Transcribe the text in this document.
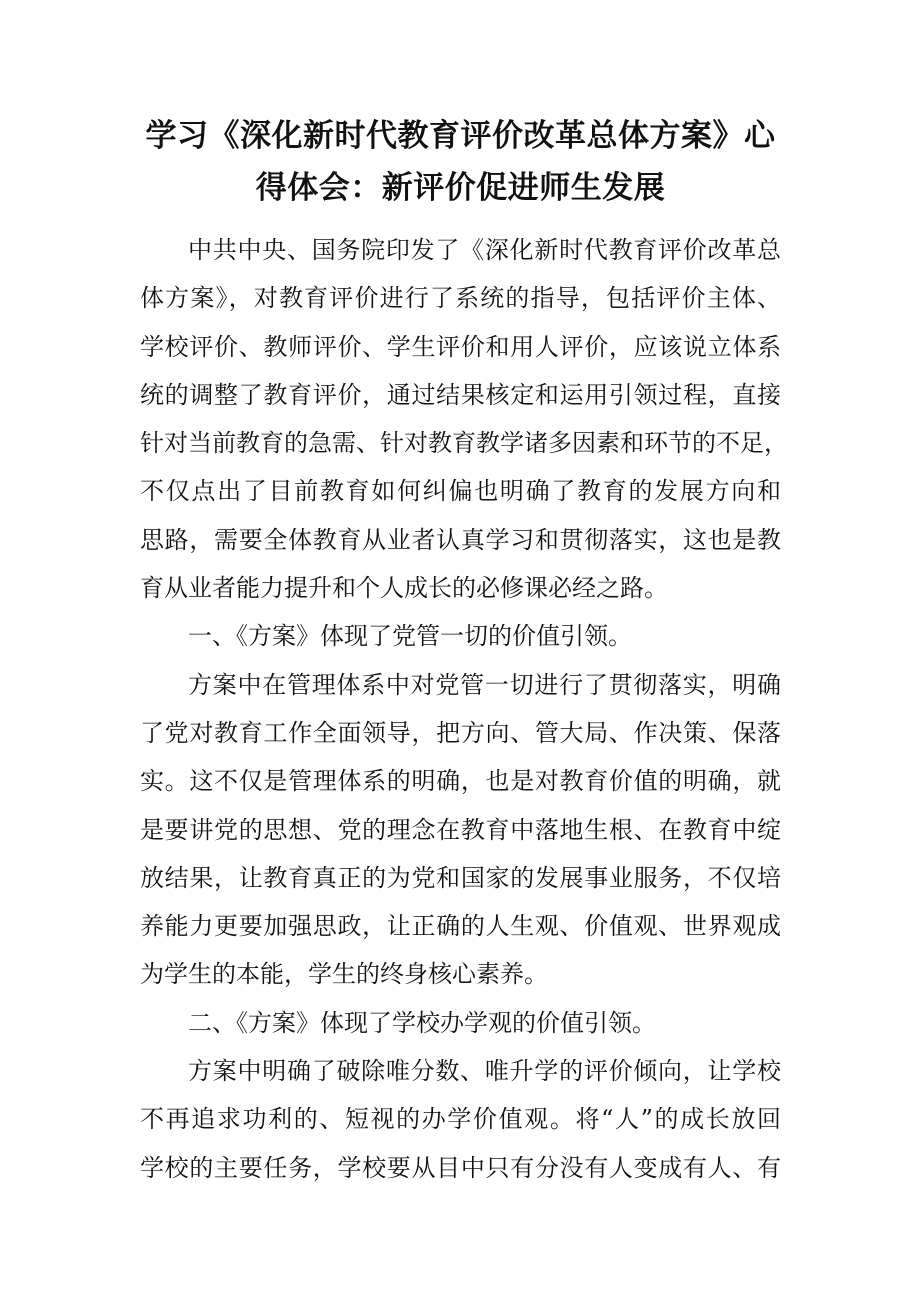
学习《深化新时代教育评价改革总体方案》心
得体会：新评价促进师生发展

中共中央、国务院印发了《深化新时代教育评价改革总
体方案》，对教育评价进行了系统的指导，包括评价主体、
学校评价、教师评价、学生评价和用人评价，应该说立体系
统的调整了教育评价，通过结果核定和运用引领过程，直接
针对当前教育的急需、针对教育教学诸多因素和环节的不足，
不仅点出了目前教育如何纠偏也明确了教育的发展方向和
思路，需要全体教育从业者认真学习和贯彻落实，这也是教
育从业者能力提升和个人成长的必修课必经之路。

一、《方案》体现了党管一切的价值引领。

方案中在管理体系中对党管一切进行了贯彻落实，明确
了党对教育工作全面领导，把方向、管大局、作决策、保落
实。这不仅是管理体系的明确，也是对教育价值的明确，就
是要讲党的思想、党的理念在教育中落地生根、在教育中绽
放结果，让教育真正的为党和国家的发展事业服务，不仅培
养能力更要加强思政，让正确的人生观、价值观、世界观成
为学生的本能，学生的终身核心素养。

二、《方案》体现了学校办学观的价值引领。

方案中明确了破除唯分数、唯升学的评价倾向，让学校
不再追求功利的、短视的办学价值观。将“人”的成长放回
学校的主要任务，学校要从目中只有分没有人变成有人、有
